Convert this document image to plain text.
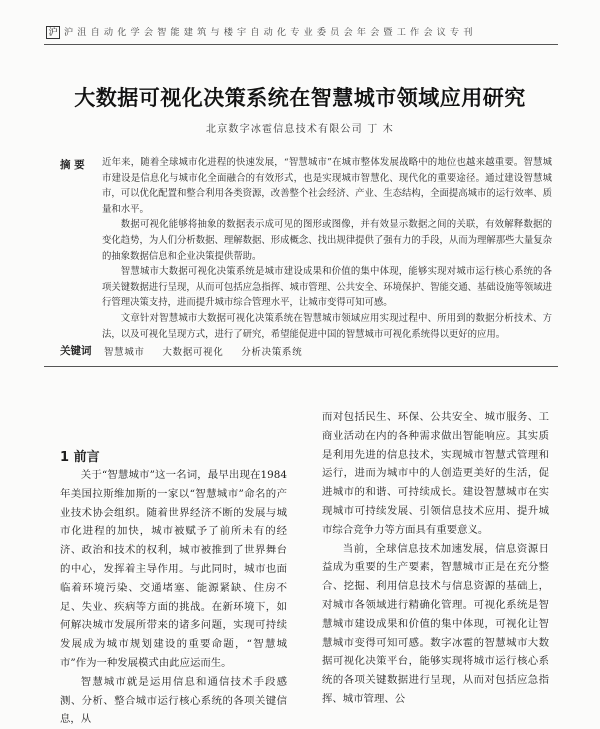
沪 沪 沮 自 动 化 学 会 智 能 建 筑 与 楼 宇 自 动 化 专 业 委 员 会 年 会 暨 工 作 会 议 专 刊
大数据可视化决策系统在智慧城市领域应用研究
北京数字冰雹信息技术有限公司 丁 木
摘 要 近年来，随着全球城市化进程的快速发展，“智慧城市”在城市整体发展战略中的地位也越来越重要。智慧城市建设是信息化与城市化全面融合的有效形式，也是实现城市智慧化、现代化的重要途径。通过建设智慧城市，可以优化配置和整合利用各类资源，改善整个社会经济、产业、生态结构，全面提高城市的运行效率、质量和水平。

数据可视化能够将抽象的数据表示成可见的图形或图像，并有效显示数据之间的关联，有效解释数据的变化趋势，为人们分析数据、理解数据、形成概念、找出规律提供了强有力的手段，从而为理解那些大量复杂的抽象数据信息和企业决策提供帮助。

智慧城市大数据可视化决策系统是城市建设成果和价值的集中体现，能够实现对城市运行核心系统的各项关键数据进行呈现，从而可包括应急指挥、城市管理、公共安全、环境保护、智能交通、基础设施等领域进行管理决策支持，进而提升城市综合管理水平，让城市变得可知可感。

文章针对智慧城市大数据可视化决策系统在智慧城市领域应用实现过程中、所用到的数据分析技术、方法，以及可视化呈现方式，进行了研究，希望能促进中国的智慧城市可视化系统得以更好的应用。

关键词 智慧城市 大数据可视化 分析决策系统
1 前言

关于“智慧城市”这一名词，最早出现在1984年美国拉斯维加斯的一家以“智慧城市”命名的产业技术协会组织。随着世界经济不断的发展与城市化进程的加快，城市被赋予了前所未有的经济、政治和技术的权利，城市被推到了世界舞台的中心，发挥着主导作用。与此同时，城市也面临着环境污染、交通堵塞、能源紧缺、住房不足、失业、疾病等方面的挑战。在新环境下，如何解决城市发展所带来的诸多问题，实现可持续发展成为城市规划建设的重要命题，“智慧城市”作为一种发展模式由此应运而生。

智慧城市就是运用信息和通信技术手段感测、分析、整合城市运行核心系统的各项关键信息，从

而对包括民生、环保、公共安全、城市服务、工商业活动在内的各种需求做出智能响应。其实质是利用先进的信息技术，实现城市智慧式管理和运行，进而为城市中的人创造更美好的生活，促进城市的和谐、可持续成长。建设智慧城市在实现城市可持续发展、引领信息技术应用、提升城市综合竞争力等方面具有重要意义。

当前，全球信息技术加速发展，信息资源日益成为重要的生产要素，智慧城市正是在充分整合、挖掘、利用信息技术与信息资源的基础上，对城市各领域进行精确化管理。可视化系统是智慧城市建设成果和价值的集中体现，可视化让智慧城市变得可知可感。数字冰雹的智慧城市大数据可视化决策平台，能够实现将城市运行核心系统的各项关键数据进行呈现，从而对包括应急指挥、城市管理、公
